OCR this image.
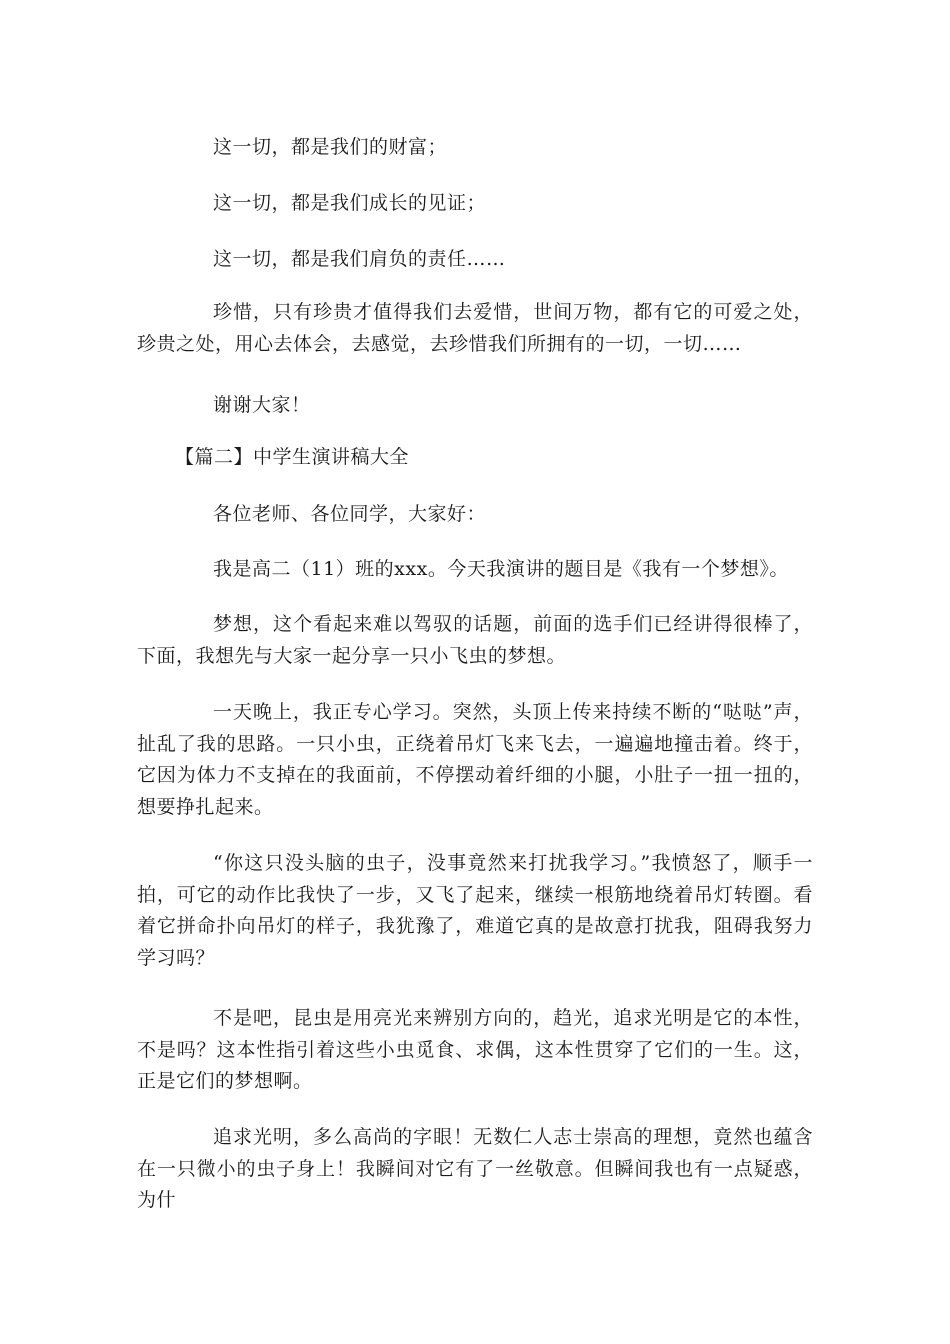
这一切，都是我们的财富；
这一切，都是我们成长的见证；
这一切，都是我们肩负的责任……
珍惜，只有珍贵才值得我们去爱惜，世间万物，都有它的可爱之处，珍贵之处，用心去体会，去感觉，去珍惜我们所拥有的一切，一切……
谢谢大家！
【篇二】中学生演讲稿大全
各位老师、各位同学，大家好：
我是高二（11）班的xxx。今天我演讲的题目是《我有一个梦想》。
梦想，这个看起来难以驾驭的话题，前面的选手们已经讲得很棒了，下面，我想先与大家一起分享一只小飞虫的梦想。
一天晚上，我正专心学习。突然，头顶上传来持续不断的“哒哒”声，扯乱了我的思路。一只小虫，正绕着吊灯飞来飞去，一遍遍地撞击着。终于，它因为体力不支掉在的我面前，不停摆动着纤细的小腿，小肚子一扭一扭的，想要挣扎起来。
“你这只没头脑的虫子，没事竟然来打扰我学习。”我愤怒了，顺手一拍，可它的动作比我快了一步，又飞了起来，继续一根筋地绕着吊灯转圈。看着它拼命扑向吊灯的样子，我犹豫了，难道它真的是故意打扰我，阻碍我努力学习吗？
不是吧，昆虫是用亮光来辨别方向的，趋光，追求光明是它的本性，不是吗？这本性指引着这些小虫觅食、求偶，这本性贯穿了它们的一生。这，正是它们的梦想啊。
追求光明，多么高尚的字眼！无数仁人志士崇高的理想，竟然也蕴含在一只微小的虫子身上！我瞬间对它有了一丝敬意。但瞬间我也有一点疑惑，为什
